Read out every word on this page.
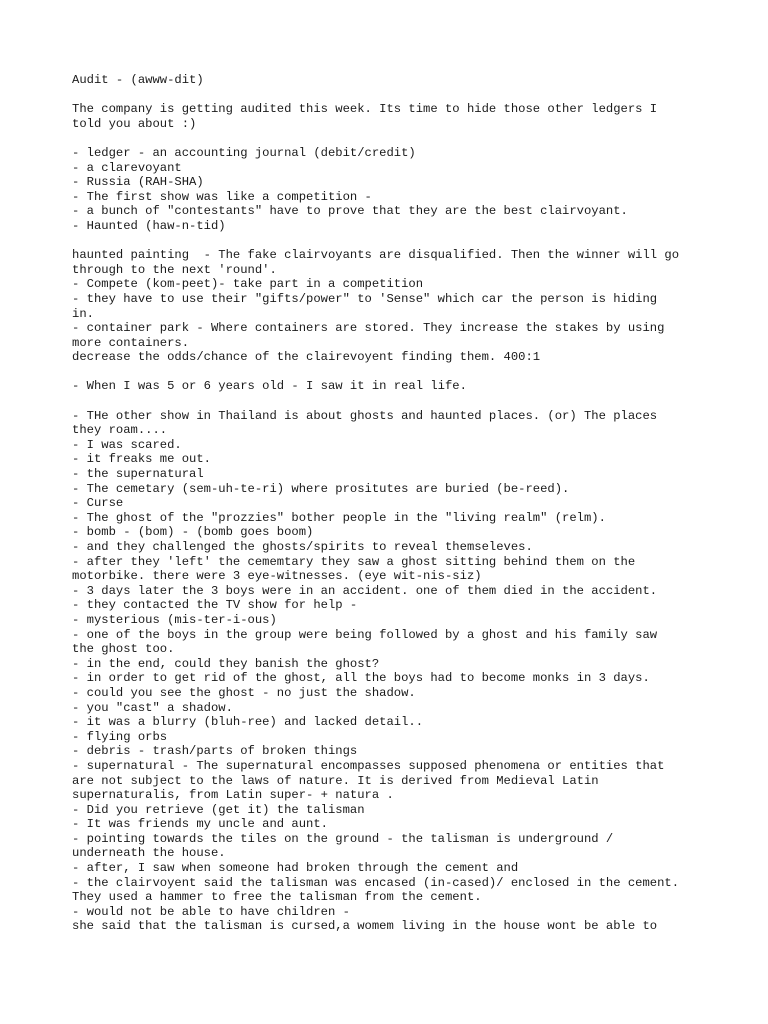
Audit - (awww-dit)
The company is getting audited this week. Its time to hide those other ledgers I
told you about :)
- ledger - an accounting journal (debit/credit)
- a clarevoyant
- Russia (RAH-SHA)
- The first show was like a competition -
- a bunch of "contestants" have to prove that they are the best clairvoyant.
- Haunted (haw-n-tid)
haunted painting  - The fake clairvoyants are disqualified. Then the winner will go
through to the next 'round'.
- Compete (kom-peet)- take part in a competition
- they have to use their "gifts/power" to 'Sense" which car the person is hiding
in.
- container park - Where containers are stored. They increase the stakes by using
more containers.
decrease the odds/chance of the clairevoyent finding them. 400:1
- When I was 5 or 6 years old - I saw it in real life.
- THe other show in Thailand is about ghosts and haunted places. (or) The places
they roam....
- I was scared.
- it freaks me out.
- the supernatural
- The cemetary (sem-uh-te-ri) where prositutes are buried (be-reed).
- Curse
- The ghost of the "prozzies" bother people in the "living realm" (relm).
- bomb - (bom) - (bomb goes boom)
- and they challenged the ghosts/spirits to reveal themseleves.
- after they 'left' the cememtary they saw a ghost sitting behind them on the
motorbike. there were 3 eye-witnesses. (eye wit-nis-siz)
- 3 days later the 3 boys were in an accident. one of them died in the accident.
- they contacted the TV show for help -
- mysterious (mis-ter-i-ous)
- one of the boys in the group were being followed by a ghost and his family saw
the ghost too.
- in the end, could they banish the ghost?
- in order to get rid of the ghost, all the boys had to become monks in 3 days.
- could you see the ghost - no just the shadow.
- you "cast" a shadow.
- it was a blurry (bluh-ree) and lacked detail..
- flying orbs
- debris - trash/parts of broken things
- supernatural - The supernatural encompasses supposed phenomena or entities that
are not subject to the laws of nature. It is derived from Medieval Latin
supernaturalis, from Latin super- + natura .
- Did you retrieve (get it) the talisman
- It was friends my uncle and aunt.
- pointing towards the tiles on the ground - the talisman is underground /
underneath the house.
- after, I saw when someone had broken through the cement and
- the clairvoyent said the talisman was encased (in-cased)/ enclosed in the cement.
They used a hammer to free the talisman from the cement.
- would not be able to have children -
she said that the talisman is cursed,a womem living in the house wont be able to
